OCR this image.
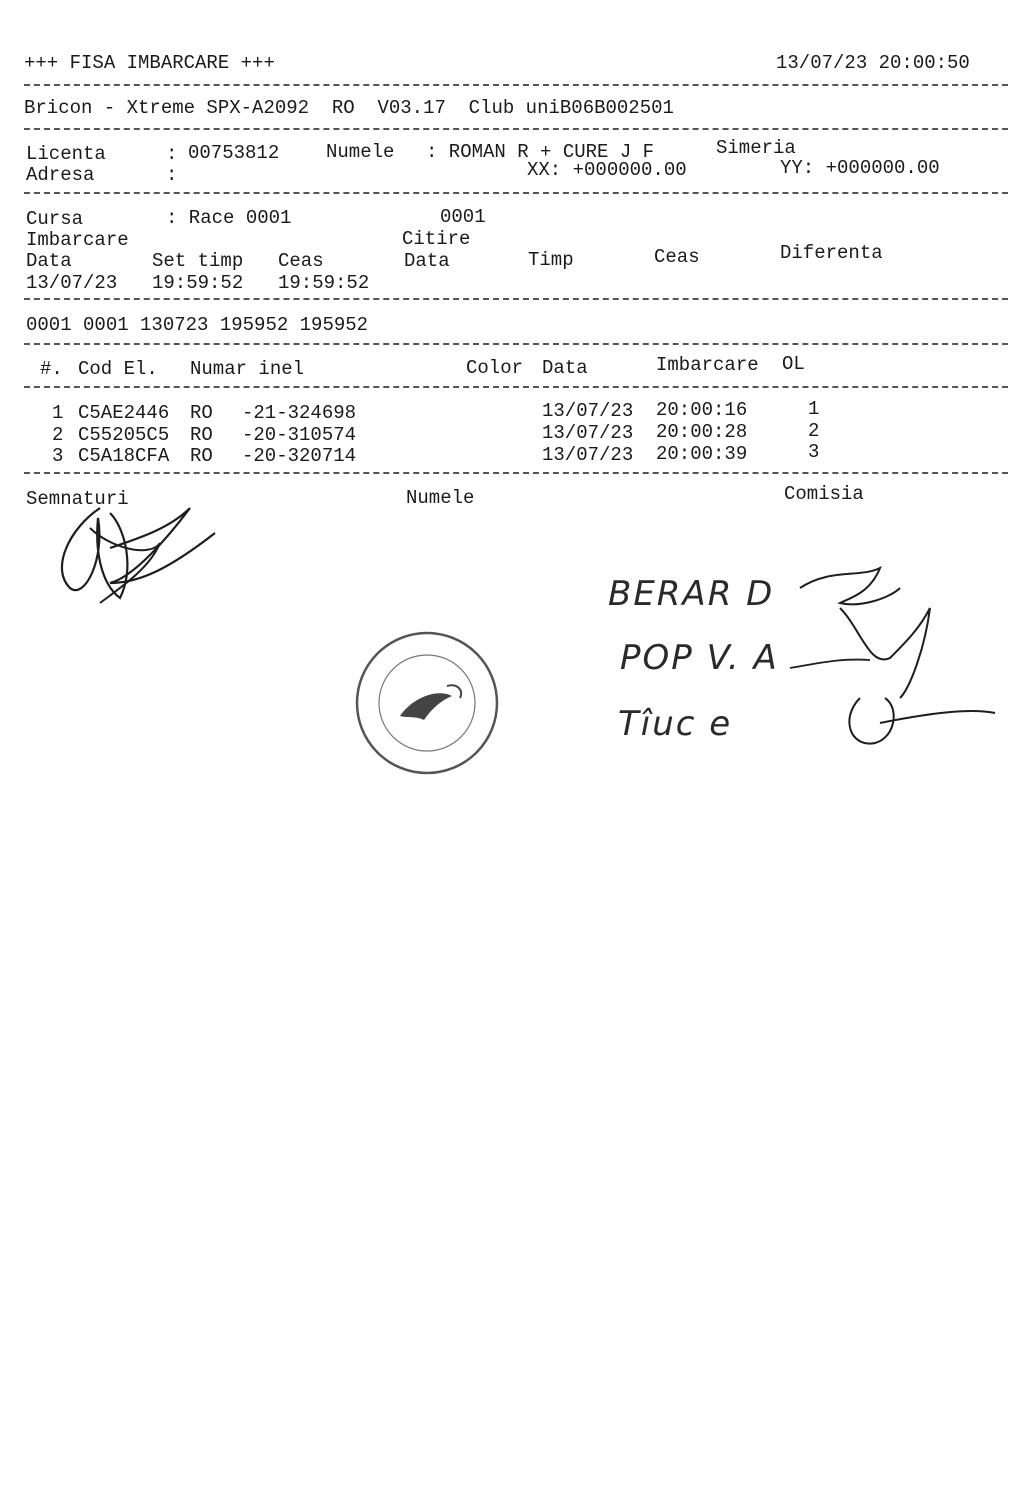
+++ FISA IMBARCARE +++	13/07/23 20:00:50
Bricon - Xtreme SPX-A2092  RO  V03.17  Club uniB06B002501
Licenta	: 00753812 Numele : ROMAN R + CURE J F	Simeria
Adresa	:	XX: +000000.00	YY: +000000.00
Cursa	: Race 0001	0001
Imbarcare	Citire
Data	Set timp Ceas	Data	Timp	Ceas	Diferenta
13/07/23 19:59:52 19:59:52
0001 0001 130723 195952 195952
#. Cod El. Numar inel	Color Data	Imbarcare OL
1 C5AE2446 RO -21-324698	13/07/23 20:00:16	1
2 C55205C5 RO -20-310574	13/07/23 20:00:28	2
3 C5A18CFA RO -20-320714	13/07/23 20:00:39	3
Semnaturi	Numele	Comisia
BERAR D
POP V. A
Tîuc e
